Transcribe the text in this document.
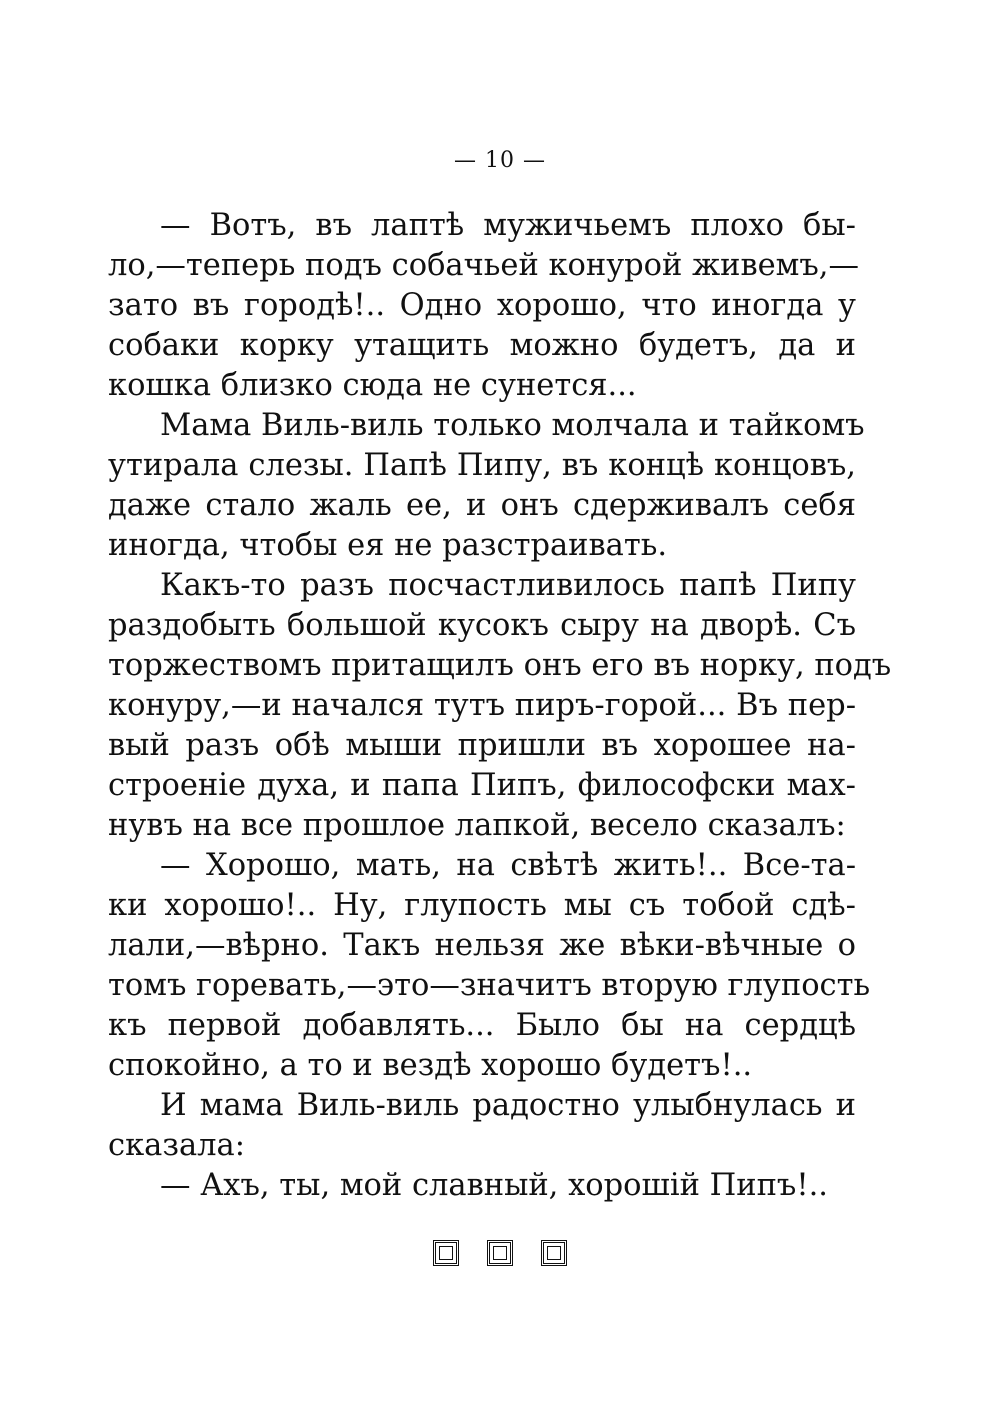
— 10 —
— Вотъ, въ лаптѣ мужичьемъ плохо бы-
ло,—теперь подъ собачьей конурой живемъ,—
зато въ городѣ!.. Одно хорошо, что иногда у
собаки корку утащить можно будетъ, да и
кошка близко сюда не сунется...
Мама Виль-виль только молчала и тайкомъ
утирала слезы. Папѣ Пипу, въ концѣ концовъ,
даже стало жаль ее, и онъ сдерживалъ себя
иногда, чтобы ея не разстраивать.
Какъ-то разъ посчастливилось папѣ Пипу
раздобыть большой кусокъ сыру на дворѣ. Съ
торжествомъ притащилъ онъ его въ норку, подъ
конуру,—и начался тутъ пиръ-горой... Въ пер-
вый разъ обѣ мыши пришли въ хорошее на-
строеніе духа, и папа Пипъ, философски мах-
нувъ на все прошлое лапкой, весело сказалъ:
— Хорошо, мать, на свѣтѣ жить!.. Все-та-
ки хорошо!.. Ну, глупость мы съ тобой сдѣ-
лали,—вѣрно. Такъ нельзя же вѣки-вѣчные о
томъ горевать,—это—значитъ вторую глупость
къ первой добавлять... Было бы на сердцѣ
спокойно, а то и вездѣ хорошо будетъ!..
И мама Виль-виль радостно улыбнулась и
сказала:
— Ахъ, ты, мой славный, хорошій Пипъ!..
